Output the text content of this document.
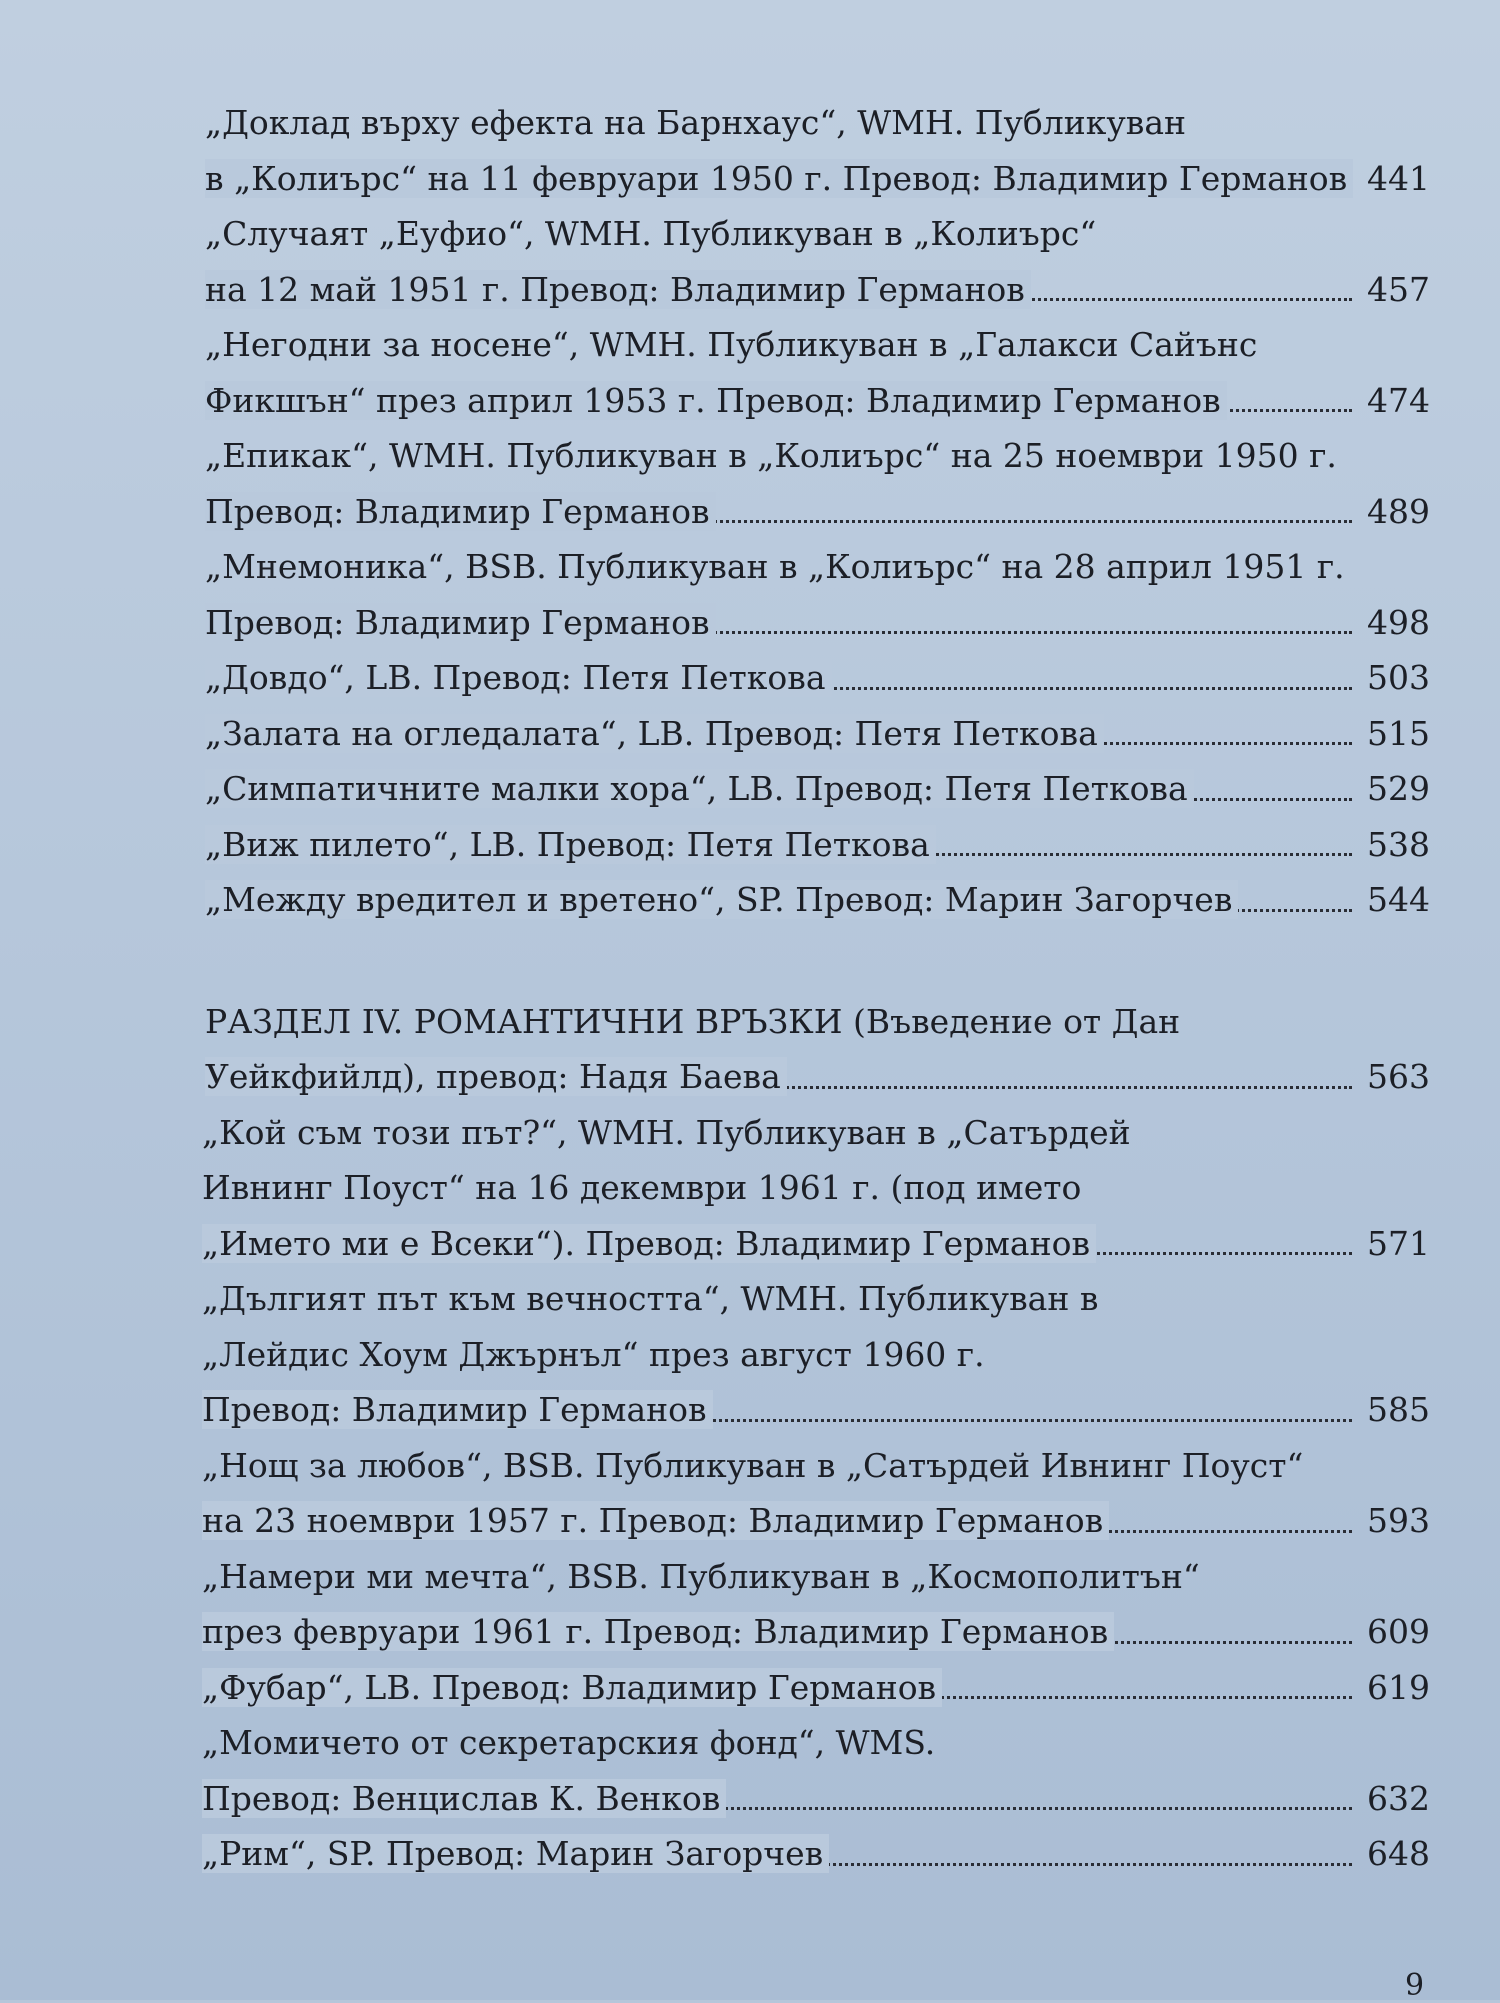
„Доклад върху ефекта на Барнхаус“, WMH. Публикуван
в „Колиърс“ на 11 февруари 1950 г. Превод: Владимир Германов 441
„Случаят „Еуфио“, WMH. Публикуван в „Колиърс“
на 12 май 1951 г. Превод: Владимир Германов	457
„Негодни за носене“, WMH. Публикуван в „Галакси Сайънс
Фикшън“ през април 1953 г. Превод: Владимир Германов	474
„Епикак“, WMH. Публикуван в „Колиърс“ на 25 ноември 1950 г.
Превод: Владимир Германов	489
„Мнемоника“, BSB. Публикуван в „Колиърс“ на 28 април 1951 г.
Превод: Владимир Германов	498
„Довдо“, LB. Превод: Петя Петкова	503
„Залата на огледалата“, LB. Превод: Петя Петкова	515
„Симпатичните малки хора“, LB. Превод: Петя Петкова	529
„Виж пилето“, LB. Превод: Петя Петкова	538
„Между вредител и вретено“, SP. Превод: Марин Загорчев	544
РАЗДЕЛ IV. РОМАНТИЧНИ ВРЪЗКИ (Въведение от Дан
Уейкфийлд), превод: Надя Баева	563
„Кой съм този път?“, WMH. Публикуван в „Сатърдей
Ивнинг Поуст“ на 16 декември 1961 г. (под името
„Името ми е Всеки“). Превод: Владимир Германов	571
„Дългият път към вечността“, WMH. Публикуван в
„Лейдис Хоум Джърнъл“ през август 1960 г.
Превод: Владимир Германов	585
„Нощ за любов“, BSB. Публикуван в „Сатърдей Ивнинг Поуст“
на 23 ноември 1957 г. Превод: Владимир Германов	593
„Намери ми мечта“, BSB. Публикуван в „Космополитън“
през февруари 1961 г. Превод: Владимир Германов	609
„Фубар“, LB. Превод: Владимир Германов	619
„Момичето от секретарския фонд“, WMS.
Превод: Венцислав К. Венков	632
„Рим“, SP. Превод: Марин Загорчев	648
9
